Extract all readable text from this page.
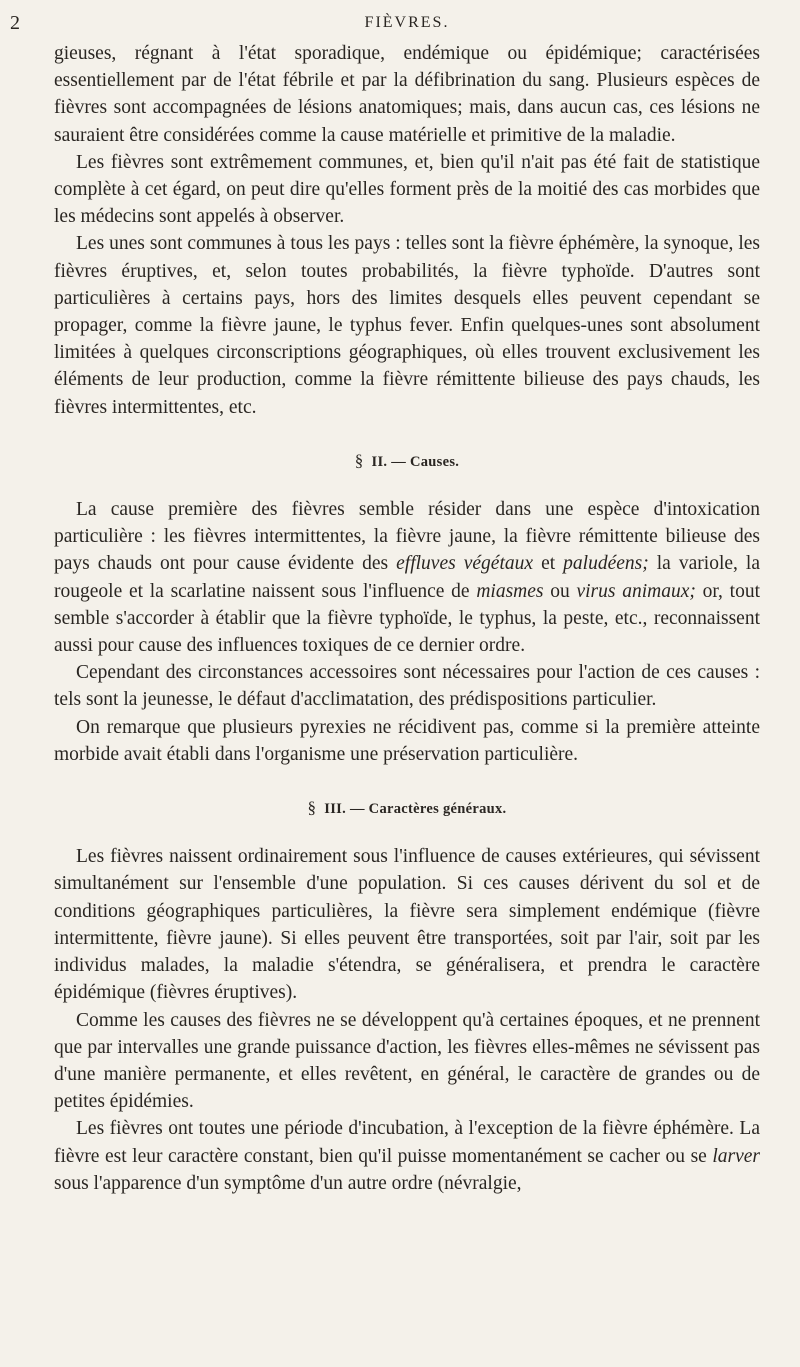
2	FIÈVRES.

gieuses, régnant à l'état sporadique, endémique ou épidémique; caractérisées essentiellement par de l'état fébrile et par la défibrination du sang. Plusieurs espèces de fièvres sont accompagnées de lésions anatomiques; mais, dans aucun cas, ces lésions ne sauraient être considérées comme la cause matérielle et primitive de la maladie.

Les fièvres sont extrêmement communes, et, bien qu'il n'ait pas été fait de statistique complète à cet égard, on peut dire qu'elles forment près de la moitié des cas morbides que les médecins sont appelés à observer.

Les unes sont communes à tous les pays : telles sont la fièvre éphémère, la synoque, les fièvres éruptives, et, selon toutes probabilités, la fièvre typhoïde. D'autres sont particulières à certains pays, hors des limites desquels elles peuvent cependant se propager, comme la fièvre jaune, le typhus fever. Enfin quelques-unes sont absolument limitées à quelques circonscriptions géographiques, où elles trouvent exclusivement les éléments de leur production, comme la fièvre rémittente bilieuse des pays chauds, les fièvres intermittentes, etc.

§ II. — Causes.

La cause première des fièvres semble résider dans une espèce d'intoxication particulière : les fièvres intermittentes, la fièvre jaune, la fièvre rémittente bilieuse des pays chauds ont pour cause évidente des effluves végétaux et paludéens; la variole, la rougeole et la scarlatine naissent sous l'influence de miasmes ou virus animaux; or, tout semble s'accorder à établir que la fièvre typhoïde, le typhus, la peste, etc., reconnaissent aussi pour cause des influences toxiques de ce dernier ordre.

Cependant des circonstances accessoires sont nécessaires pour l'action de ces causes : tels sont la jeunesse, le défaut d'acclimatation, des prédispositions particulier.

On remarque que plusieurs pyrexies ne récidivent pas, comme si la première atteinte morbide avait établi dans l'organisme une préservation particulière.

§ III. — Caractères généraux.

Les fièvres naissent ordinairement sous l'influence de causes extérieures, qui sévissent simultanément sur l'ensemble d'une population. Si ces causes dérivent du sol et de conditions géographiques particulières, la fièvre sera simplement endémique (fièvre intermittente, fièvre jaune). Si elles peuvent être transportées, soit par l'air, soit par les individus malades, la maladie s'étendra, se généralisera, et prendra le caractère épidémique (fièvres éruptives).

Comme les causes des fièvres ne se développent qu'à certaines époques, et ne prennent que par intervalles une grande puissance d'action, les fièvres elles-mêmes ne sévissent pas d'une manière permanente, et elles revêtent, en général, le caractère de grandes ou de petites épidémies.

Les fièvres ont toutes une période d'incubation, à l'exception de la fièvre éphémère. La fièvre est leur caractère constant, bien qu'il puisse momentanément se cacher ou se larver sous l'apparence d'un symptôme d'un autre ordre (névralgie,
